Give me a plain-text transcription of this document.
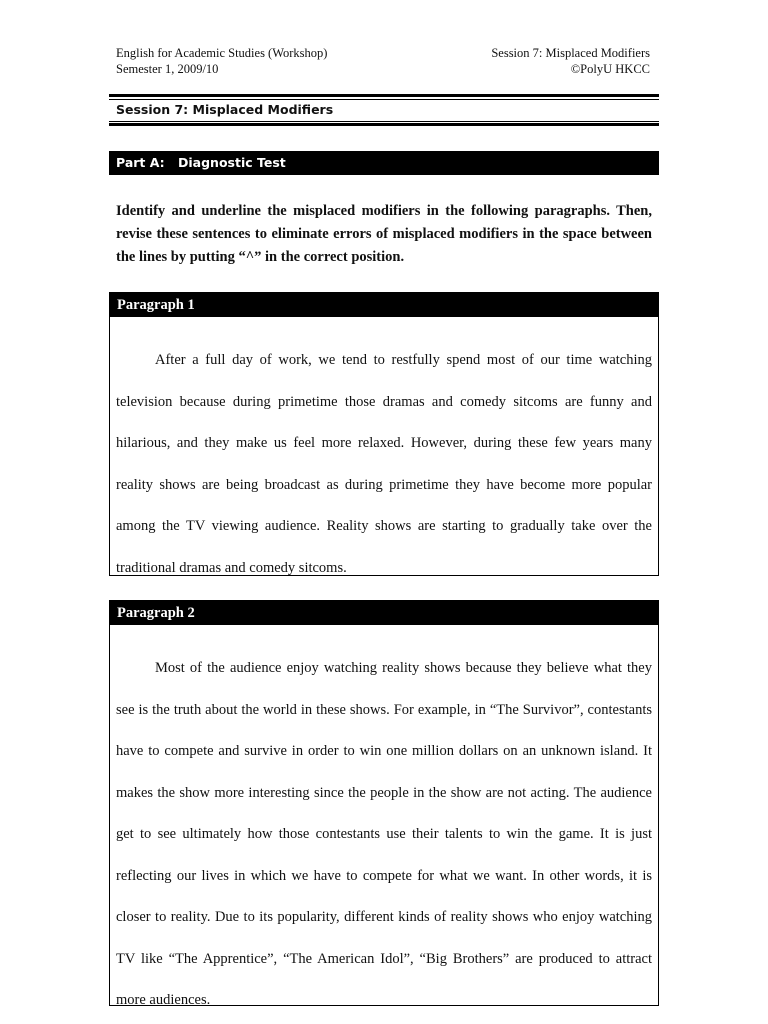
English for Academic Studies (Workshop)
Semester 1, 2009/10
Session 7: Misplaced Modifiers
©PolyU HKCC
Session 7: Misplaced Modifiers
Part A: Diagnostic Test
Identify and underline the misplaced modifiers in the following paragraphs. Then, revise these sentences to eliminate errors of misplaced modifiers in the space between the lines by putting “^” in the correct position.
Paragraph 1
After a full day of work, we tend to restfully spend most of our time watching television because during primetime those dramas and comedy sitcoms are funny and hilarious, and they make us feel more relaxed. However, during these few years many reality shows are being broadcast as during primetime they have become more popular among the TV viewing audience. Reality shows are starting to gradually take over the traditional dramas and comedy sitcoms.
Paragraph 2
Most of the audience enjoy watching reality shows because they believe what they see is the truth about the world in these shows. For example, in “The Survivor”, contestants have to compete and survive in order to win one million dollars on an unknown island. It makes the show more interesting since the people in the show are not acting. The audience get to see ultimately how those contestants use their talents to win the game. It is just reflecting our lives in which we have to compete for what we want. In other words, it is closer to reality. Due to its popularity, different kinds of reality shows who enjoy watching TV like “The Apprentice”, “The American Idol”, “Big Brothers” are produced to attract more audiences.
